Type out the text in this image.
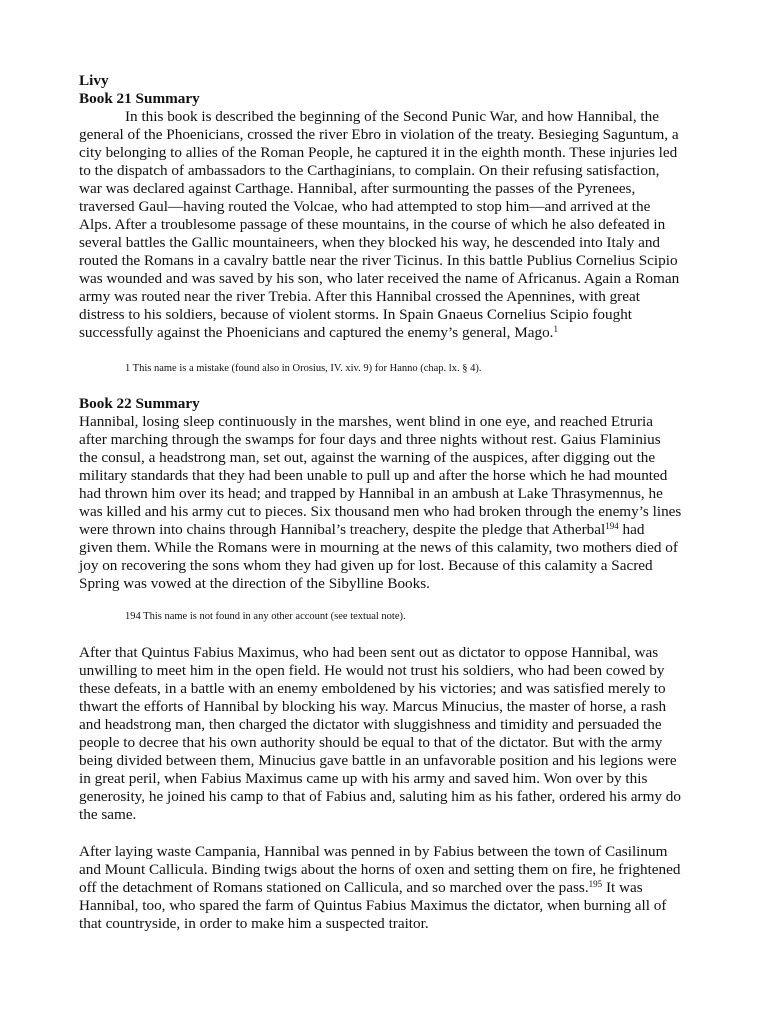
Livy
Book 21 Summary
In this book is described the beginning of the Second Punic War, and how Hannibal, the
general of the Phoenicians, crossed the river Ebro in violation of the treaty. Besieging Saguntum, a
city belonging to allies of the Roman People, he captured it in the eighth month. These injuries led
to the dispatch of ambassadors to the Carthaginians, to complain. On their refusing satisfaction,
war was declared against Carthage. Hannibal, after surmounting the passes of the Pyrenees,
traversed Gaul—having routed the Volcae, who had attempted to stop him—and arrived at the
Alps. After a troublesome passage of these mountains, in the course of which he also defeated in
several battles the Gallic mountaineers, when they blocked his way, he descended into Italy and
routed the Romans in a cavalry battle near the river Ticinus. In this battle Publius Cornelius Scipio
was wounded and was saved by his son, who later received the name of Africanus. Again a Roman
army was routed near the river Trebia. After this Hannibal crossed the Apennines, with great
distress to his soldiers, because of violent storms. In Spain Gnaeus Cornelius Scipio fought
successfully against the Phoenicians and captured the enemy’s general, Mago.$^1$
1 This name is a mistake (found also in Orosius, IV. xiv. 9) for Hanno (chap. lx. § 4).
Book 22 Summary
Hannibal, losing sleep continuously in the marshes, went blind in one eye, and reached Etruria
after marching through the swamps for four days and three nights without rest. Gaius Flaminius
the consul, a headstrong man, set out, against the warning of the auspices, after digging out the
military standards that they had been unable to pull up and after the horse which he had mounted
had thrown him over its head; and trapped by Hannibal in an ambush at Lake Thrasymennus, he
was killed and his army cut to pieces. Six thousand men who had broken through the enemy’s lines
were thrown into chains through Hannibal’s treachery, despite the pledge that Atherbal$^{194}$ had
given them. While the Romans were in mourning at the news of this calamity, two mothers died of
joy on recovering the sons whom they had given up for lost. Because of this calamity a Sacred
Spring was vowed at the direction of the Sibylline Books.
194 This name is not found in any other account (see textual note).
After that Quintus Fabius Maximus, who had been sent out as dictator to oppose Hannibal, was
unwilling to meet him in the open field. He would not trust his soldiers, who had been cowed by
these defeats, in a battle with an enemy emboldened by his victories; and was satisfied merely to
thwart the efforts of Hannibal by blocking his way. Marcus Minucius, the master of horse, a rash
and headstrong man, then charged the dictator with sluggishness and timidity and persuaded the
people to decree that his own authority should be equal to that of the dictator. But with the army
being divided between them, Minucius gave battle in an unfavorable position and his legions were
in great peril, when Fabius Maximus came up with his army and saved him. Won over by this
generosity, he joined his camp to that of Fabius and, saluting him as his father, ordered his army do
the same.
After laying waste Campania, Hannibal was penned in by Fabius between the town of Casilinum
and Mount Callicula. Binding twigs about the horns of oxen and setting them on fire, he frightened
off the detachment of Romans stationed on Callicula, and so marched over the pass.$^{195}$ It was
Hannibal, too, who spared the farm of Quintus Fabius Maximus the dictator, when burning all of
that countryside, in order to make him a suspected traitor.
